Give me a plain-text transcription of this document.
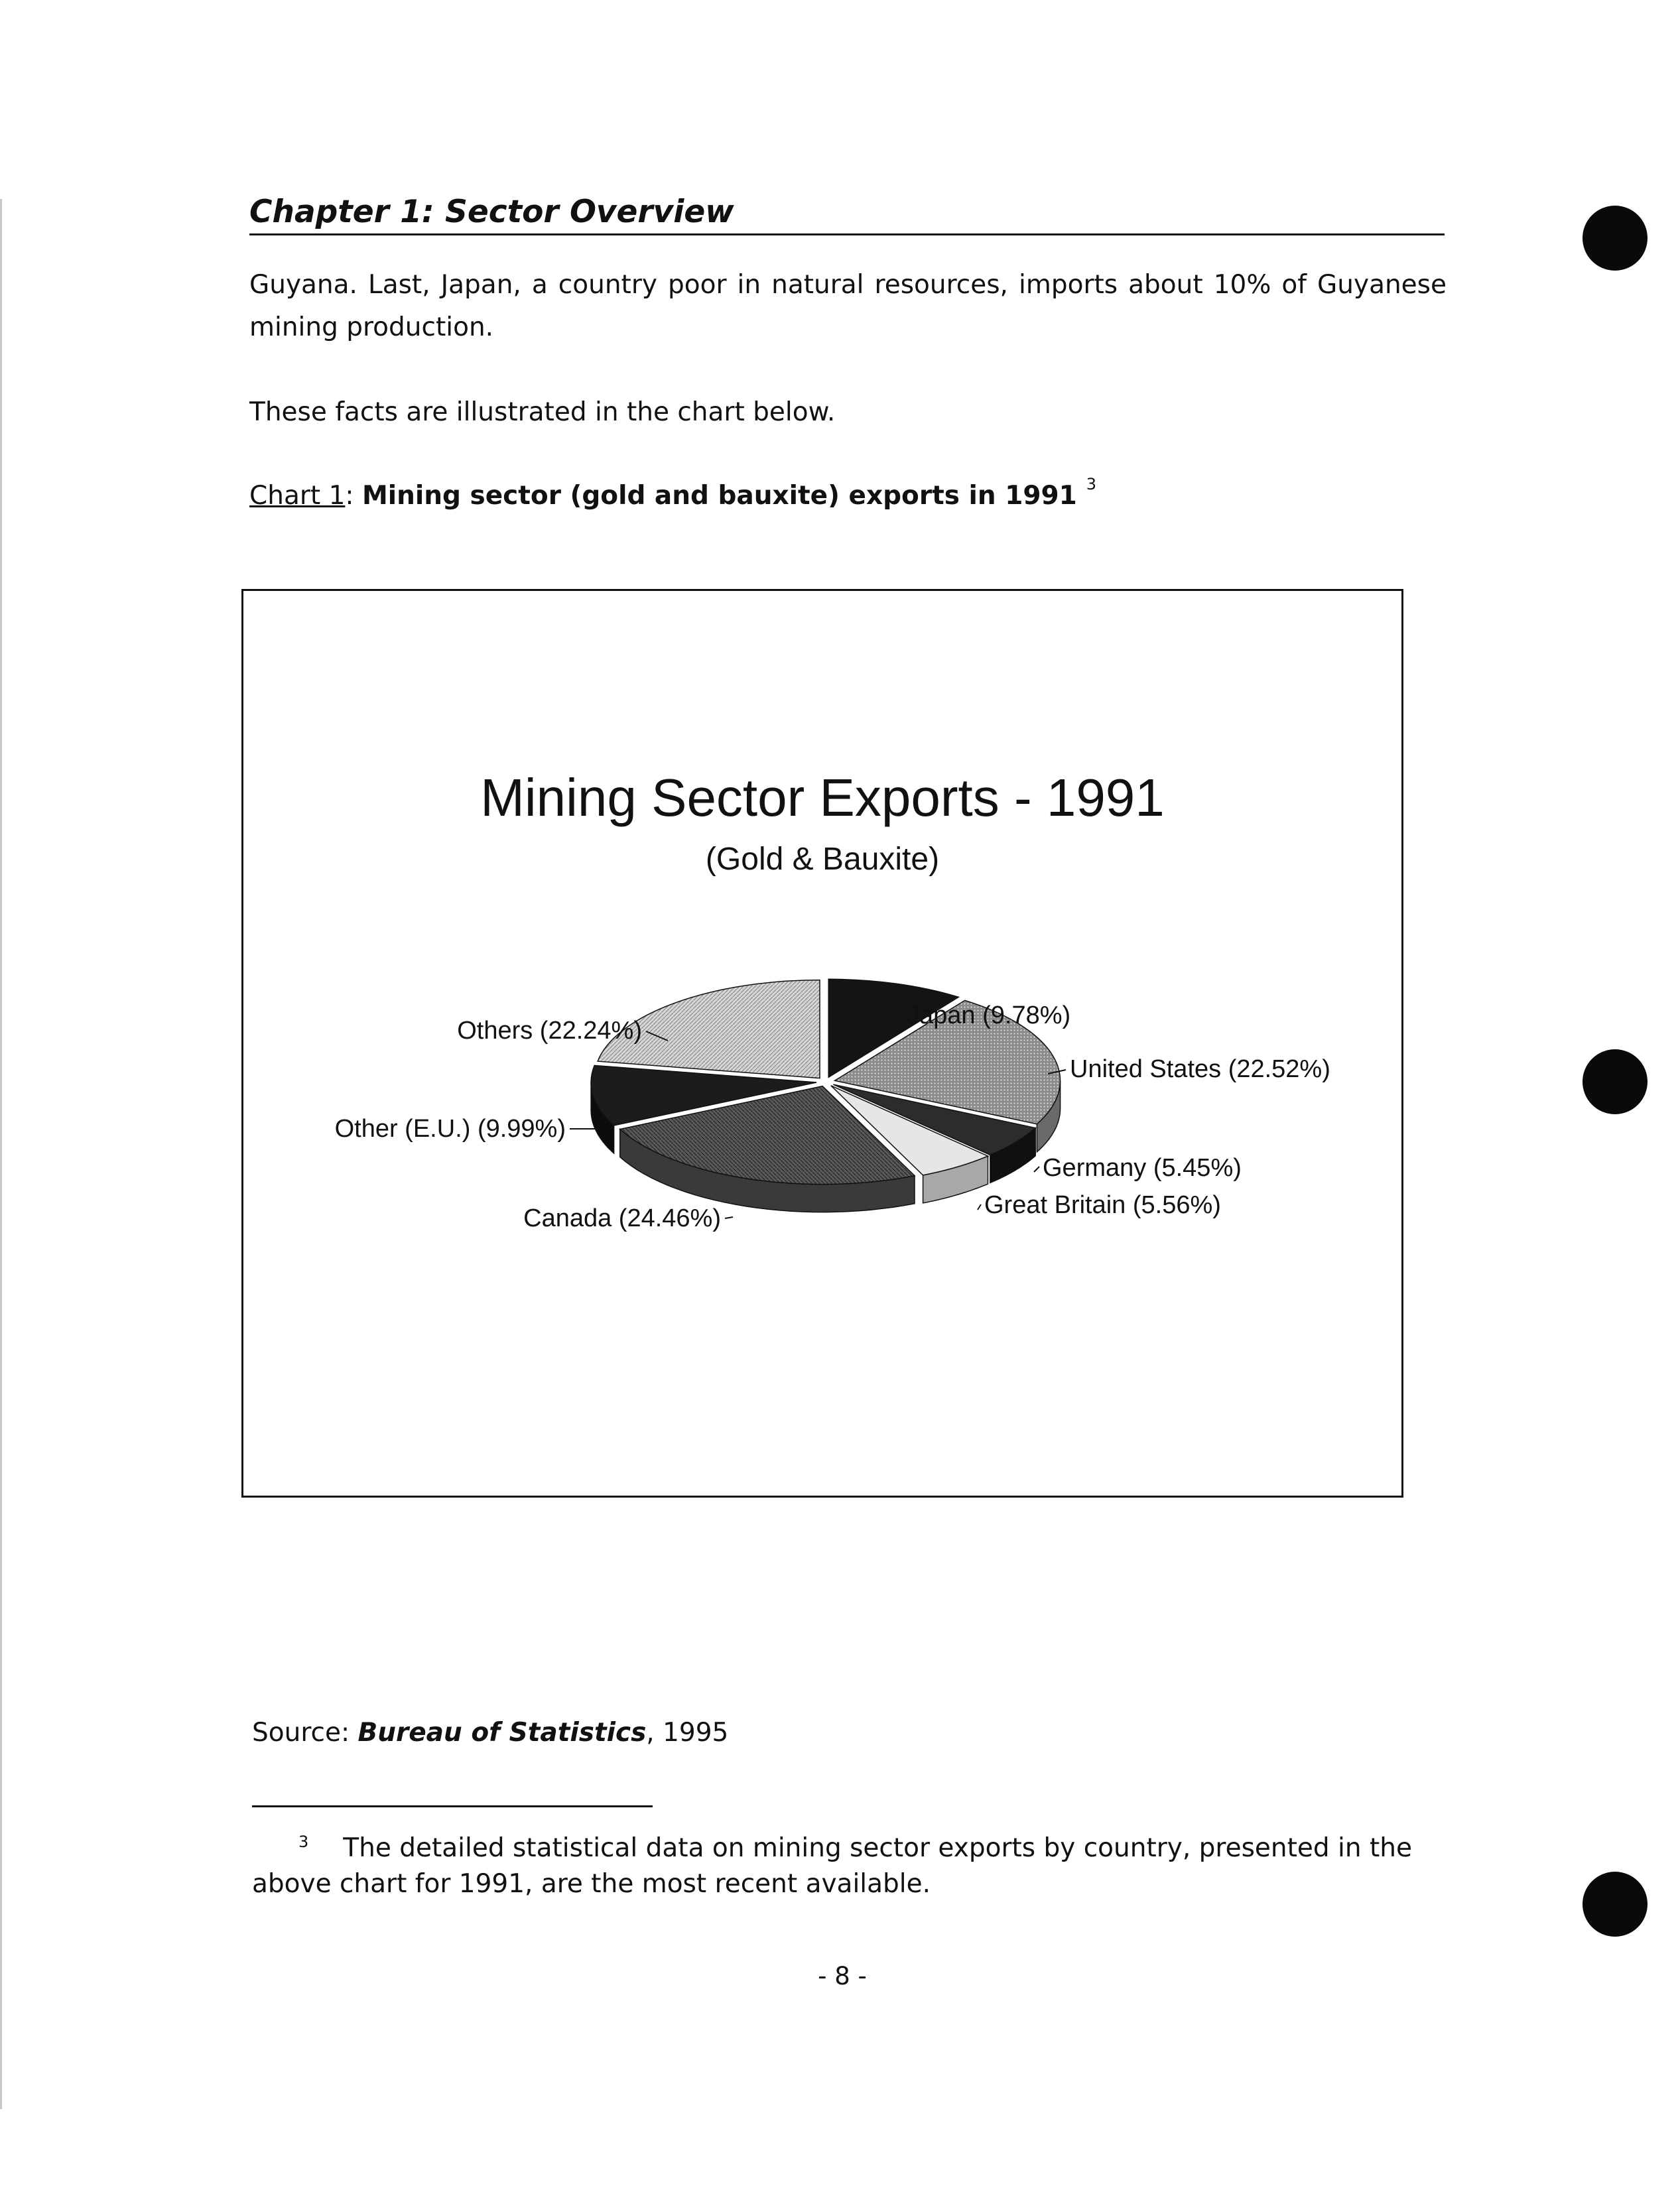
Chapter 1: Sector Overview

Guyana. Last, Japan, a country poor in natural resources, imports about 10% of Guyanese mining production.

These facts are illustrated in the chart below.

Chart 1: Mining sector (gold and bauxite) exports in 1991 $^3$

Mining Sector Exports - 1991
(Gold & Bauxite)
Japan (9.78%)
United States (22.52%)
Germany (5.45%)
Great Britain (5.56%)
Canada (24.46%)
Other (E.U.) (9.99%)
Others (22.24%)

Source: Bureau of Statistics, 1995

$^3$ The detailed statistical data on mining sector exports by country, presented in the above chart for 1991, are the most recent available.

- 8 -
